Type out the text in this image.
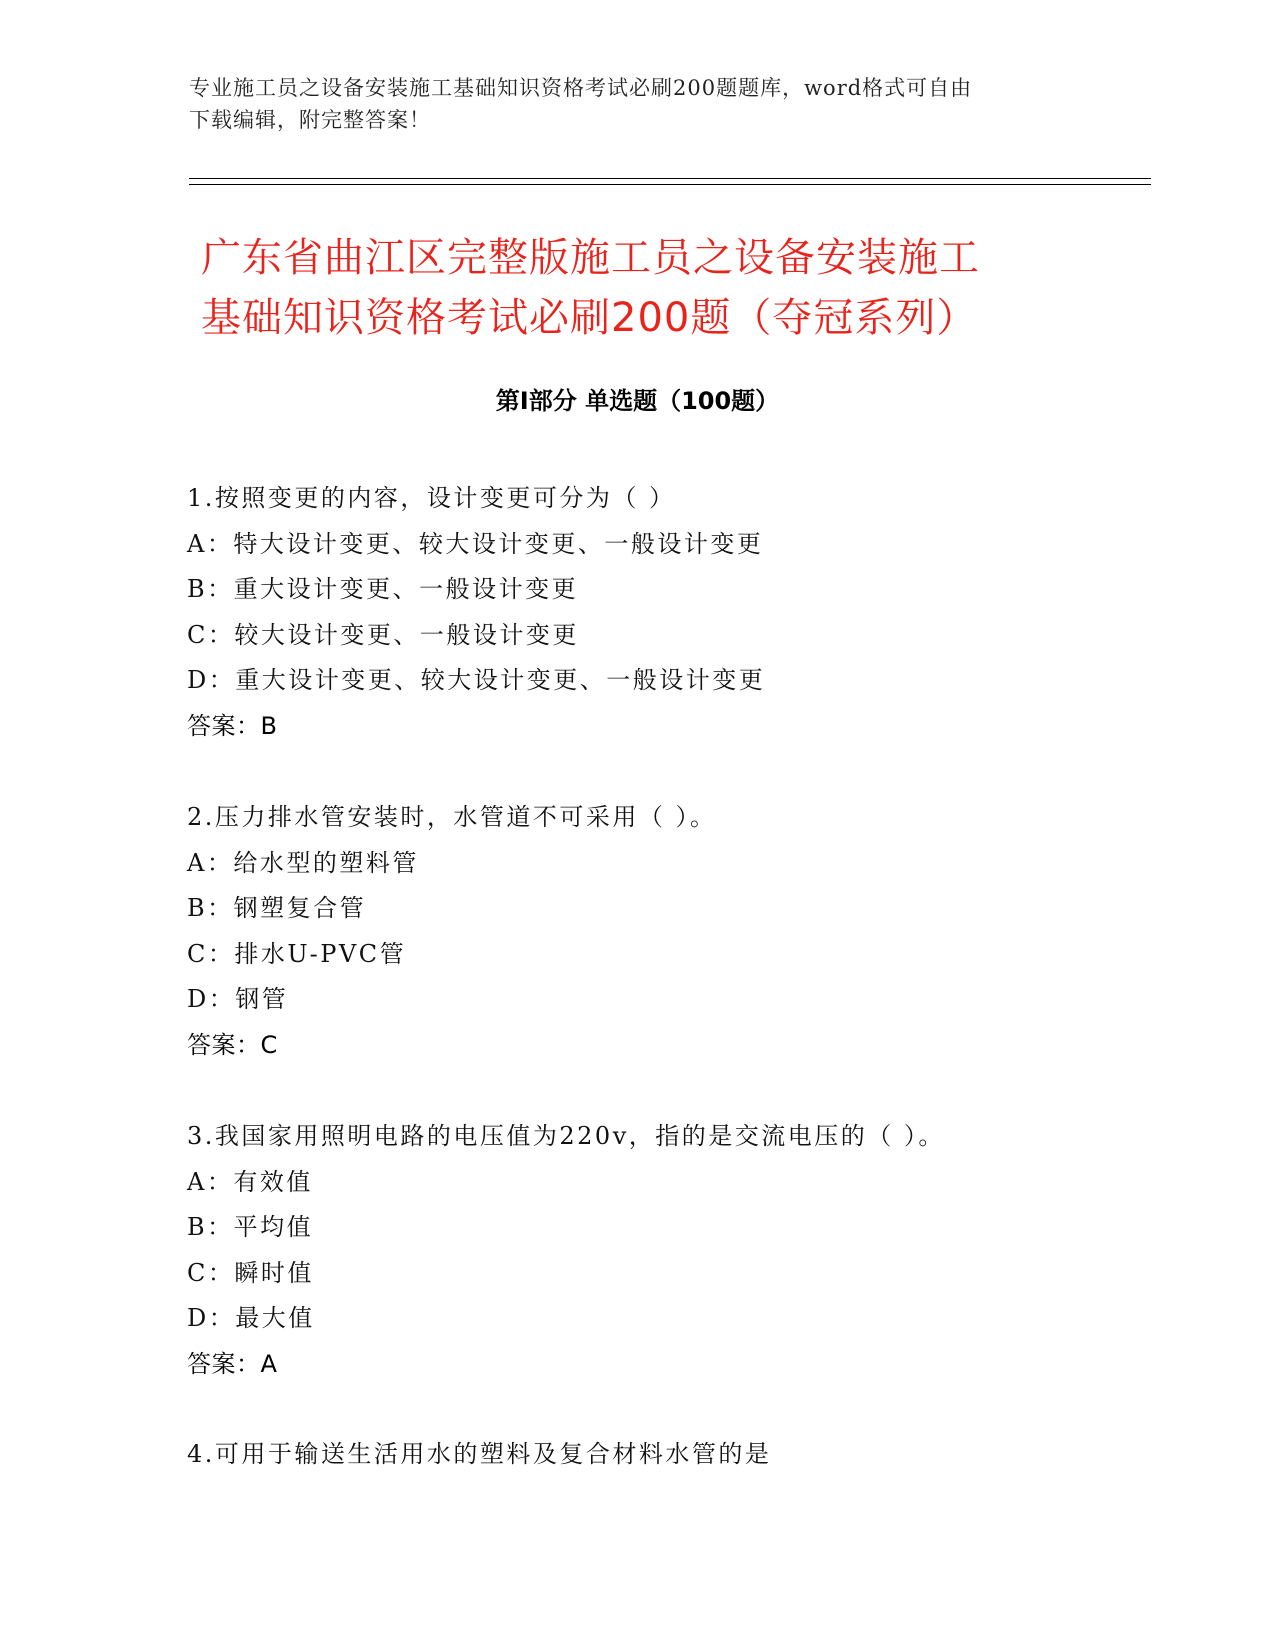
专业施工员之设备安装施工基础知识资格考试必刷200题题库，word格式可自由
下载编辑，附完整答案！
广东省曲江区完整版施工员之设备安装施工
基础知识资格考试必刷200题（夺冠系列）
第Ⅰ部分 单选题（100题）
1.按照变更的内容，设计变更可分为（ ）
A：特大设计变更、较大设计变更、一般设计变更
B：重大设计变更、一般设计变更
C：较大设计变更、一般设计变更
D：重大设计变更、较大设计变更、一般设计变更
答案：B
2.压力排水管安装时，水管道不可采用（ ）。
A：给水型的塑料管
B：钢塑复合管
C：排水U-PVC管
D：钢管
答案：C
3.我国家用照明电路的电压值为220v，指的是交流电压的（ ）。
A：有效值
B：平均值
C：瞬时值
D：最大值
答案：A
4.可用于输送生活用水的塑料及复合材料水管的是
